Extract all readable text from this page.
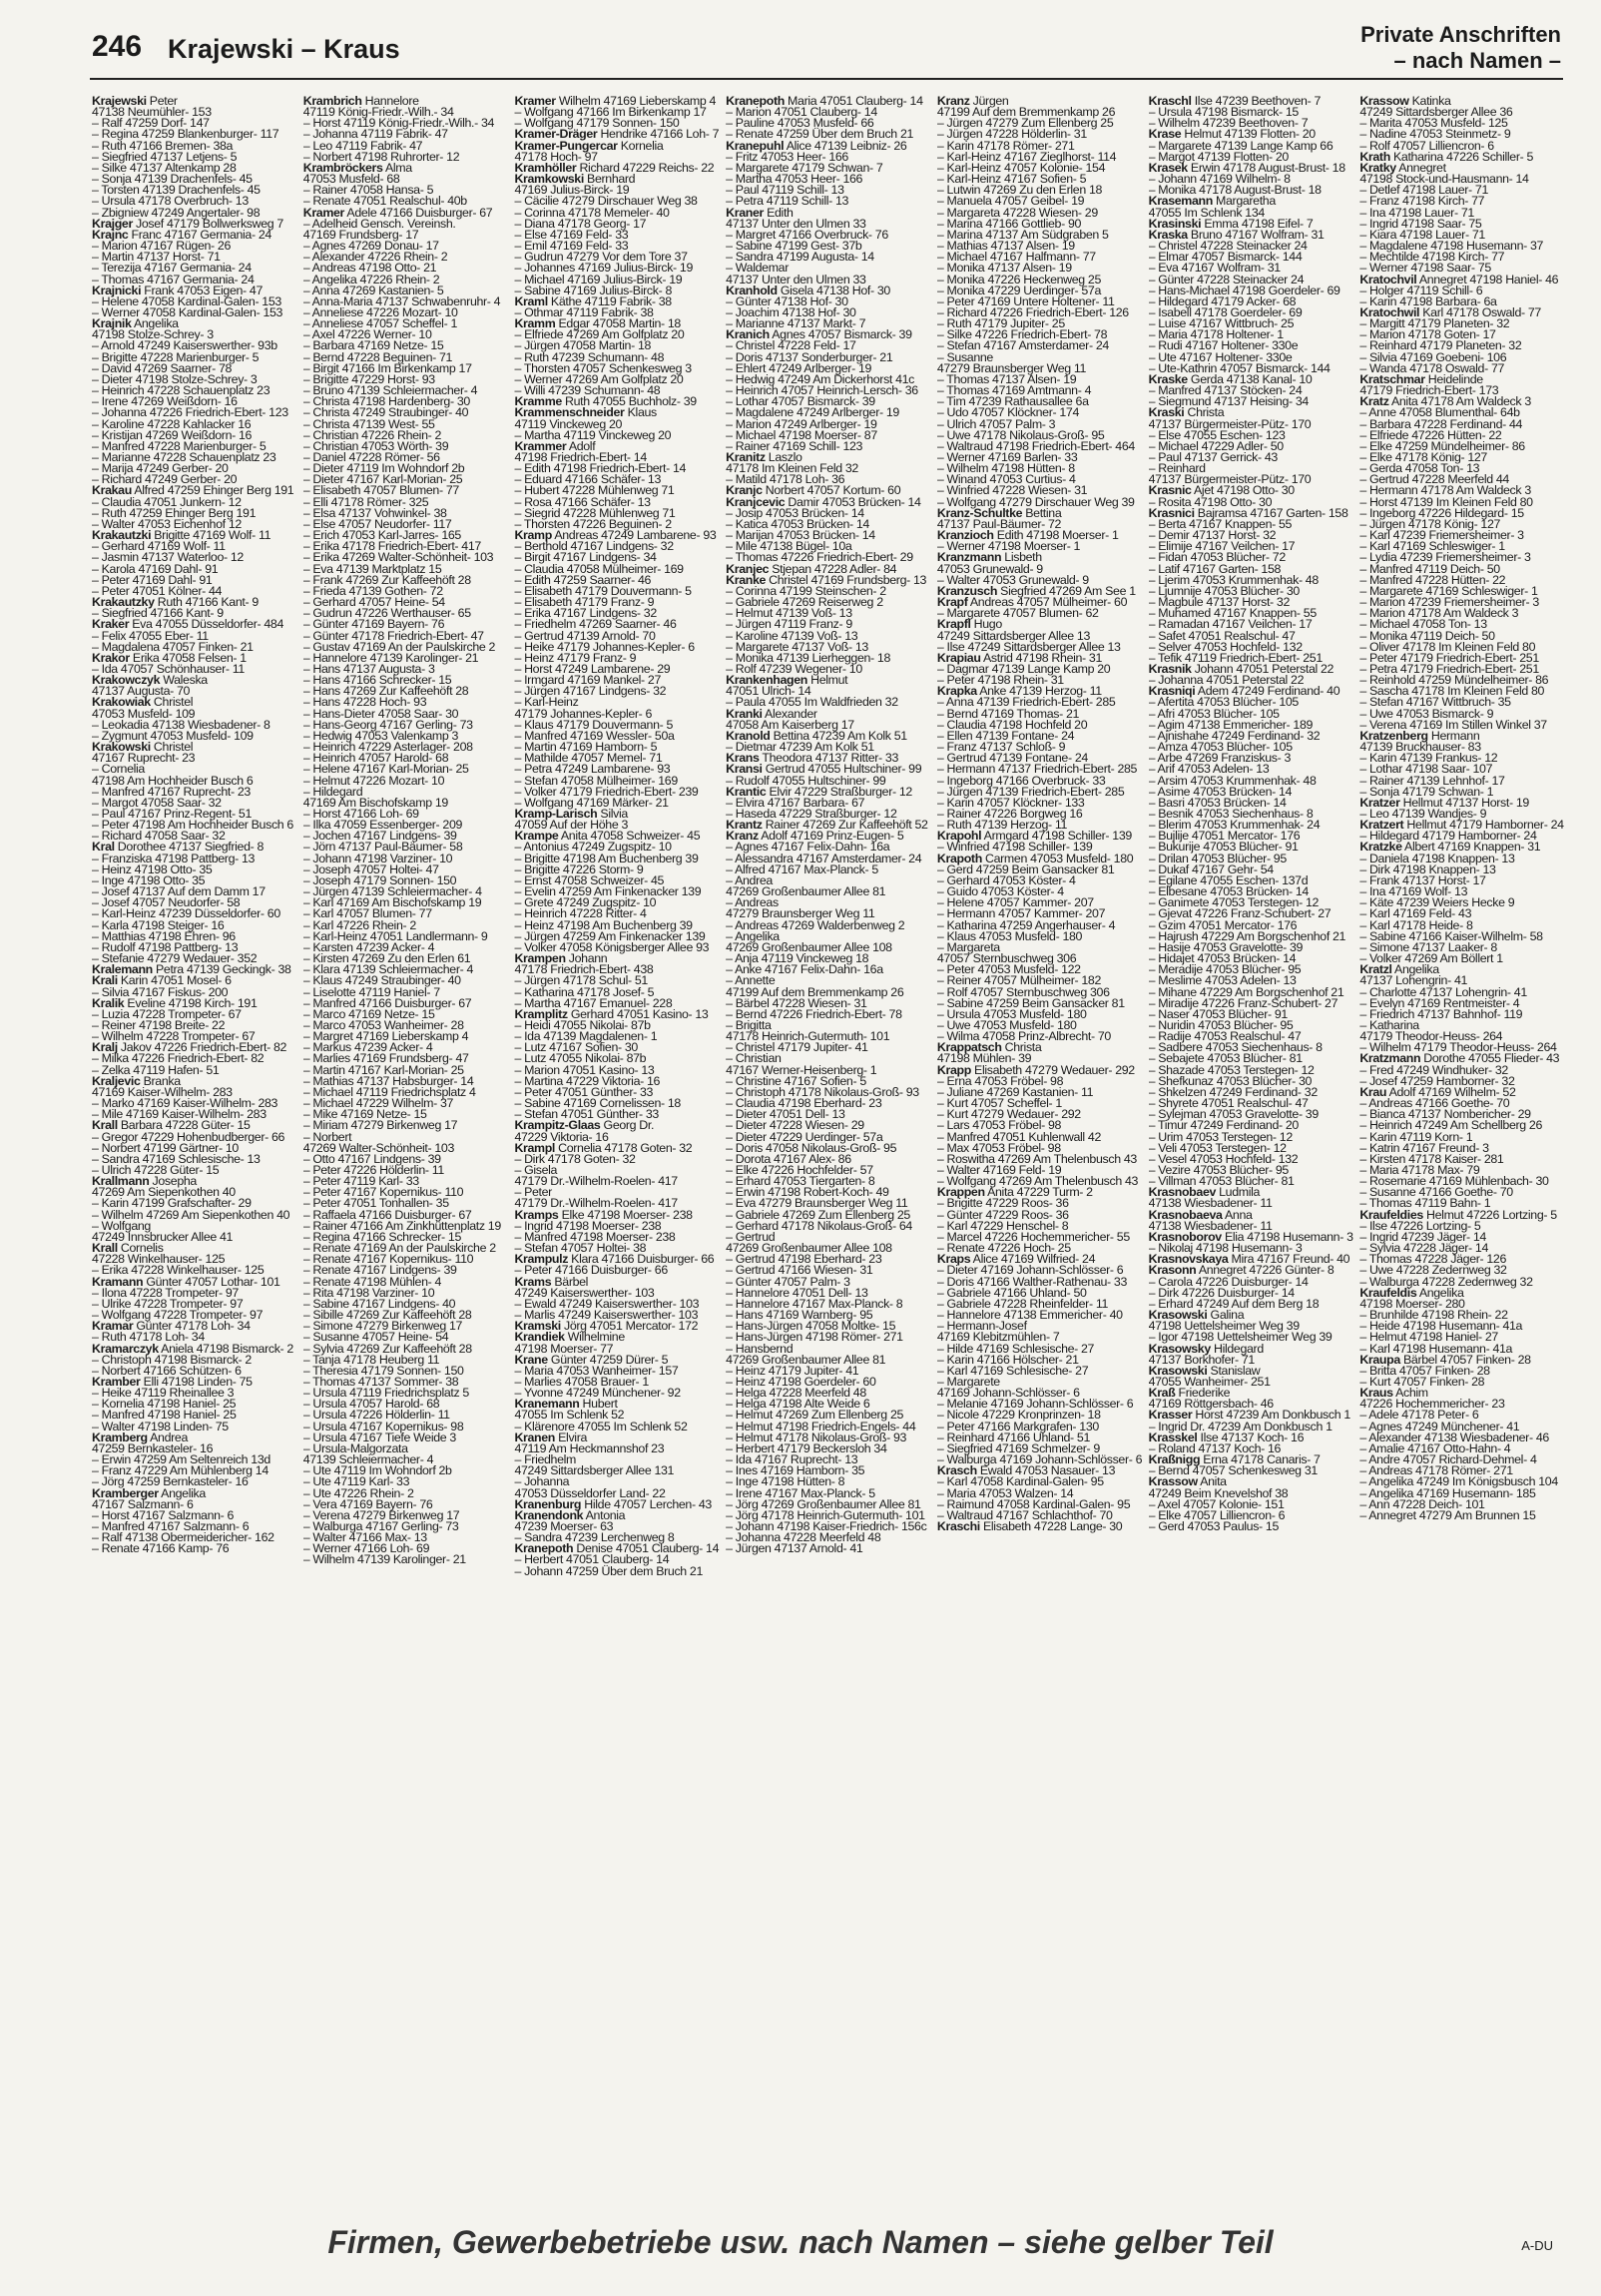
246 Krajewski – Kraus	Private Anschriften
– nach Namen –
Krajewski Peter
47138 Neumühler- 153
– Ralf 47259 Dorf- 147
– Regina 47259 Blankenburger- 117
– Ruth 47166 Bremen- 38a
– Siegfried 47137 Letjens- 5
– Silke 47137 Altenkamp 28
– Sonja 47139 Drachenfels- 45
– Torsten 47139 Drachenfels- 45
– Ursula 47178 Overbruch- 13
– Zbigniew 47249 Angertaler- 98
Krajger Josef 47179 Bollwerksweg 7
Krajnc Franc 47167 Germania- 24
– Marion 47167 Rügen- 26
– Martin 47137 Horst- 71
– Terezija 47167 Germania- 24
– Thomas 47167 Germania- 24
Krajnicki Frank 47053 Eigen- 47
– Helene 47058 Kardinal-Galen- 153
– Werner 47058 Kardinal-Galen- 153
Krajnik Angelika
47198 Stolze-Schrey- 3
– Arnold 47249 Kaiserswerther- 93b
– Brigitte 47228 Marienburger- 5
– David 47269 Saarner- 78
– Dieter 47198 Stolze-Schrey- 3
– Heinrich 47228 Schauenplatz 23
– Irene 47269 Weißdorn- 16
– Johanna 47226 Friedrich-Ebert- 123
– Karoline 47228 Kahlacker 16
– Kristijan 47269 Weißdorn- 16
– Manfred 47228 Marienburger- 5
– Marianne 47228 Schauenplatz 23
– Marija 47249 Gerber- 20
– Richard 47249 Gerber- 20
Krakau Alfred 47259 Ehinger Berg 191
– Claudia 47051 Junkern- 12
– Ruth 47259 Ehinger Berg 191
– Walter 47053 Eichenhof 12
Krakautzki Brigitte 47169 Wolf- 11
– Gerhard 47169 Wolf- 11
– Jasmin 47137 Waterloo- 12
– Karola 47169 Dahl- 91
– Peter 47169 Dahl- 91
– Peter 47051 Kölner- 44
Krakautzky Ruth 47166 Kant- 9
– Siegfried 47166 Kant- 9
Kraker Eva 47055 Düsseldorfer- 484
– Felix 47055 Eber- 11
– Magdalena 47057 Finken- 21
Krakor Erika 47058 Felsen- 1
– Ida 47057 Schönhauser- 11
Krakowczyk Waleska
47137 Augusta- 70
Krakowiak Christel
47053 Musfeld- 109
– Leokadia 47138 Wiesbadener- 8
– Zygmunt 47053 Musfeld- 109
Krakowski Christel
47167 Ruprecht- 23
– Cornelia
47198 Am Hochheider Busch 6
– Manfred 47167 Ruprecht- 23
– Margot 47058 Saar- 32
– Paul 47167 Prinz-Regent- 51
– Peter 47198 Am Hochheider Busch 6
– Richard 47058 Saar- 32
Kral Dorothee 47137 Siegfried- 8
– Franziska 47198 Pattberg- 13
– Heinz 47198 Otto- 35
– Inge 47198 Otto- 35
– Josef 47137 Auf dem Damm 17
– Josef 47057 Neudorfer- 58
– Karl-Heinz 47239 Düsseldorfer- 60
– Karla 47198 Steiger- 16
– Matthias 47198 Ehren- 96
– Rudolf 47198 Pattberg- 13
– Stefanie 47279 Wedauer- 352
Kralemann Petra 47139 Geckingk- 38
Krali Karin 47051 Mosel- 6
– Silvia 47167 Fiskus- 200
Kralik Eveline 47198 Kirch- 191
– Luzia 47228 Trompeter- 67
– Reiner 47198 Breite- 22
– Wilhelm 47228 Trompeter- 67
Kralj Jakov 47226 Friedrich-Ebert- 82
– Milka 47226 Friedrich-Ebert- 82
– Zelka 47119 Hafen- 51
Kraljevic Branka
47169 Kaiser-Wilhelm- 283
– Marko 47169 Kaiser-Wilhelm- 283
– Mile 47169 Kaiser-Wilhelm- 283
Krall Barbara 47228 Güter- 15
– Gregor 47229 Hohenbudberger- 66
– Norbert 47199 Gärtner- 10
– Sandra 47169 Schlesische- 13
– Ulrich 47228 Güter- 15
Krallmann Josepha
47269 Am Siepenkothen 40
– Karin 47199 Grafschafter- 29
– Wilhelm 47269 Am Siepenkothen 40
– Wolfgang
47249 Innsbrucker Allee 41
Krall Cornelis
47228 Winkelhauser- 125
– Erika 47228 Winkelhauser- 125
Kramann Günter 47057 Lothar- 101
– Ilona 47228 Trompeter- 97
– Ulrike 47228 Trompeter- 97
– Wolfgang 47228 Trompeter- 97
Kramar Günter 47178 Loh- 34
– Ruth 47178 Loh- 34
Kramarczyk Aniela 47198 Bismarck- 2
– Christoph 47198 Bismarck- 2
– Norbert 47166 Schützen- 6
Kramber Elli 47198 Linden- 75
– Heike 47119 Rheinallee 3
– Kornelia 47198 Haniel- 25
– Manfred 47198 Haniel- 25
– Walter 47198 Linden- 75
Kramberg Andrea
47259 Bernkasteler- 16
– Erwin 47259 Am Seltenreich 13d
– Franz 47229 Am Mühlenberg 14
– Jörg 47259 Bernkasteler- 16
Kramberger Angelika
47167 Salzmann- 6
– Horst 47167 Salzmann- 6
– Manfred 47167 Salzmann- 6
– Ralf 47138 Obermeidericher- 162
– Renate 47166 Kamp- 76
Krambrich Hannelore
47119 König-Friedr.-Wilh.- 34
– Horst 47119 König-Friedr.-Wilh.- 34
– Johanna 47119 Fabrik- 47
– Leo 47119 Fabrik- 47
– Norbert 47198 Ruhrorter- 12
Krambröckers Alma
47053 Musfeld- 68
– Rainer 47058 Hansa- 5
– Renate 47051 Realschul- 40b
Kramer Adele 47166 Duisburger- 67
– Adelheid Gensch. Vereinsh.
47169 Frundsberg- 17
– Agnes 47269 Donau- 17
– Alexander 47226 Rhein- 2
– Andreas 47198 Otto- 21
– Angelika 47226 Rhein- 2
– Anna 47269 Kastanien- 5
– Anna-Maria 47137 Schwabenruhr- 4
– Anneliese 47226 Mozart- 10
– Anneliese 47057 Scheffel- 1
– Axel 47226 Werner- 10
– Barbara 47169 Netze- 15
– Bernd 47228 Beguinen- 71
– Birgit 47166 Im Birkenkamp 17
– Brigitte 47229 Horst- 93
– Bruno 47139 Schleiermacher- 4
– Christa 47198 Hardenberg- 30
– Christa 47249 Straubinger- 40
– Christa 47139 West- 55
– Christian 47226 Rhein- 2
– Christian 47053 Wörth- 39
– Daniel 47228 Römer- 56
– Dieter 47119 Im Wohndorf 2b
– Dieter 47167 Karl-Morian- 25
– Elisabeth 47057 Blumen- 77
– Elli 47178 Römer- 325
– Elsa 47137 Vohwinkel- 38
– Else 47057 Neudorfer- 117
– Erich 47053 Karl-Jarres- 165
– Erika 47178 Friedrich-Ebert- 417
– Erika 47269 Walter-Schönheit- 103
– Eva 47139 Marktplatz 15
– Frank 47269 Zur Kaffeehöft 28
– Frieda 47139 Gothen- 72
– Gerhard 47057 Heine- 54
– Gudrun 47226 Werthauser- 65
– Günter 47169 Bayern- 76
– Günter 47178 Friedrich-Ebert- 47
– Gustav 47169 An der Paulskirche 2
– Hannelore 47139 Karolinger- 21
– Hans 47137 Augusta- 3
– Hans 47166 Schrecker- 15
– Hans 47269 Zur Kaffeehöft 28
– Hans 47228 Hoch- 93
– Hans-Dieter 47058 Saar- 30
– Hans-Georg 47167 Gerling- 73
– Hedwig 47053 Valenkamp 3
– Heinrich 47229 Asterlager- 208
– Heinrich 47057 Harold- 68
– Helene 47167 Karl-Morian- 25
– Helmut 47226 Mozart- 10
– Hildegard
47169 Am Bischofskamp 19
– Horst 47166 Loh- 69
– Ilka 47059 Essenberger- 209
– Jochen 47167 Lindgens- 39
– Jörn 47137 Paul-Bäumer- 58
– Johann 47198 Varziner- 10
– Joseph 47057 Holtei- 47
– Joseph 47179 Sonnen- 150
– Jürgen 47139 Schleiermacher- 4
– Karl 47169 Am Bischofskamp 19
– Karl 47057 Blumen- 77
– Karl 47226 Rhein- 2
– Karl-Heinz 47051 Landlermann- 9
– Karsten 47239 Acker- 4
– Kirsten 47269 Zu den Erlen 61
– Klara 47139 Schleiermacher- 4
– Klaus 47249 Straubinger- 40
– Liselotte 47119 Haniel- 7
– Manfred 47166 Duisburger- 67
– Marco 47169 Netze- 15
– Marco 47053 Wanheimer- 28
– Margret 47169 Lieberskamp 4
– Markus 47239 Acker- 4
– Marlies 47169 Frundsberg- 47
– Martin 47167 Karl-Morian- 25
– Mathias 47137 Habsburger- 14
– Michael 47119 Friedrichsplatz 4
– Michael 47229 Wilhelm- 37
– Mike 47169 Netze- 15
– Miriam 47279 Birkenweg 17
– Norbert
47269 Walter-Schönheit- 103
– Otto 47167 Lindgens- 39
– Peter 47226 Hölderlin- 11
– Peter 47119 Karl- 33
– Peter 47167 Kopernikus- 110
– Peter 47051 Tonhallen- 35
– Raffaela 47166 Duisburger- 67
– Rainer 47166 Am Zinkhüttenplatz 19
– Regina 47166 Schrecker- 15
– Renate 47169 An der Paulskirche 2
– Renate 47167 Kopernikus- 110
– Renate 47167 Lindgens- 39
– Renate 47198 Mühlen- 4
– Rita 47198 Varziner- 10
– Sabine 47167 Lindgens- 40
– Sibille 47269 Zur Kaffeehöft 28
– Simone 47279 Birkenweg 17
– Susanne 47057 Heine- 54
– Sylvia 47269 Zur Kaffeehöft 28
– Tanja 47178 Heuberg 11
– Theresia 47179 Sonnen- 150
– Thomas 47137 Sommer- 38
– Ursula 47119 Friedrichsplatz 5
– Ursula 47057 Harold- 68
– Ursula 47226 Hölderlin- 11
– Ursula 47167 Kopernikus- 98
– Ursula 47167 Tiefe Weide 3
– Ursula-Malgorzata
47139 Schleiermacher- 4
– Ute 47119 Im Wohndorf 2b
– Ute 47119 Karl- 33
– Ute 47226 Rhein- 2
– Vera 47169 Bayern- 76
– Verena 47279 Birkenweg 17
– Walburga 47167 Gerling- 73
– Walter 47166 Max- 13
– Werner 47166 Loh- 69
– Wilhelm 47139 Karolinger- 21
Kramer Wilhelm 47169 Lieberskamp 4
– Wolfgang 47166 Im Birkenkamp 17
– Wolfgang 47179 Sonnen- 150
Kramer-Dräger Hendrike 47166 Loh- 7
Kramer-Pungercar Kornelia
47178 Hoch- 97
Kramhöller Richard 47229 Reichs- 22
Kramkowski Bernhard
47169 Julius-Birck- 19
– Cäcilie 47279 Dirschauer Weg 38
– Corinna 47178 Memeler- 40
– Diana 47178 Georg- 17
– Else 47169 Feld- 33
– Emil 47169 Feld- 33
– Gudrun 47279 Vor dem Tore 37
– Johannes 47169 Julius-Birck- 19
– Michael 47169 Julius-Birck- 19
– Sabine 47169 Julius-Birck- 8
Kraml Käthe 47119 Fabrik- 38
– Othmar 47119 Fabrik- 38
Kramm Edgar 47058 Martin- 18
– Elfriede 47269 Am Golfplatz 20
– Jürgen 47058 Martin- 18
– Ruth 47239 Schumann- 48
– Thorsten 47057 Schenkesweg 3
– Werner 47269 Am Golfplatz 20
– Willi 47239 Schumann- 48
Kramme Ruth 47055 Buchholz- 39
Krammenschneider Klaus
47119 Vinckeweg 20
– Martha 47119 Vinckeweg 20
Krammer Adolf
47198 Friedrich-Ebert- 14
– Edith 47198 Friedrich-Ebert- 14
– Eduard 47166 Schäfer- 13
– Hubert 47228 Mühlenweg 71
– Rosa 47166 Schäfer- 13
– Siegrid 47228 Mühlenweg 71
– Thorsten 47226 Beguinen- 2
Kramp Andreas 47249 Lambarene- 93
– Berthold 47167 Lindgens- 32
– Birgit 47167 Lindgens- 34
– Claudia 47058 Mülheimer- 169
– Edith 47259 Saarner- 46
– Elisabeth 47179 Douvermann- 5
– Elisabeth 47179 Franz- 9
– Erika 47167 Lindgens- 32
– Friedhelm 47269 Saarner- 46
– Gertrud 47139 Arnold- 70
– Heike 47179 Johannes-Kepler- 6
– Heinz 47179 Franz- 9
– Horst 47249 Lambarene- 29
– Irmgard 47169 Mankel- 27
– Jürgen 47167 Lindgens- 32
– Karl-Heinz
47179 Johannes-Kepler- 6
– Klaus 47179 Douvermann- 5
– Manfred 47169 Wessler- 50a
– Martin 47169 Hamborn- 5
– Mathilde 47057 Memel- 71
– Petra 47249 Lambarene- 93
– Stefan 47058 Mülheimer- 169
– Volker 47179 Friedrich-Ebert- 239
– Wolfgang 47169 Märker- 21
Kramp-Larisch Silvia
47059 Auf der Höhe 3
Krampe Anita 47058 Schweizer- 45
– Antonius 47249 Zugspitz- 10
– Brigitte 47198 Am Buchenberg 39
– Brigitte 47226 Storm- 9
– Ernst 47058 Schweizer- 45
– Evelin 47259 Am Finkenacker 139
– Grete 47249 Zugspitz- 10
– Heinrich 47228 Ritter- 4
– Heinz 47198 Am Buchenberg 39
– Jürgen 47259 Am Finkenacker 139
– Volker 47058 Königsberger Allee 93
Krampen Johann
47178 Friedrich-Ebert- 438
– Jürgen 47178 Schul- 51
– Katharina 47178 Josef- 5
– Martha 47167 Emanuel- 228
Kramplitz Gerhard 47051 Kasino- 13
– Heidi 47055 Nikolai- 87b
– Ida 47139 Magdalenen- 1
– Lutz 47167 Sofien- 30
– Lutz 47055 Nikolai- 87b
– Marion 47051 Kasino- 13
– Martina 47229 Viktoria- 16
– Peter 47051 Günther- 33
– Sabine 47169 Cornelissen- 18
– Stefan 47051 Günther- 33
Krampitz-Glaas Georg Dr.
47229 Viktoria- 16
Krampl Cornelia 47178 Goten- 32
– Dirk 47178 Goten- 32
– Gisela
47179 Dr.-Wilhelm-Roelen- 417
– Peter
47179 Dr.-Wilhelm-Roelen- 417
Kramps Elke 47198 Moerser- 238
– Ingrid 47198 Moerser- 238
– Manfred 47198 Moerser- 238
– Stefan 47057 Holtei- 38
Krampulz Klara 47166 Duisburger- 66
– Peter 47166 Duisburger- 66
Krams Bärbel
47249 Kaiserswerther- 103
– Ewald 47249 Kaiserswerther- 103
– Marlis 47249 Kaiserswerther- 103
Kramski Jörg 47051 Mercator- 172
Krandiek Wilhelmine
47198 Moerser- 77
Krane Günter 47259 Dürer- 5
– Maria 47053 Wanheimer- 157
– Marlies 47058 Brauer- 1
– Yvonne 47249 Münchener- 92
Kranemann Hubert
47055 Im Schlenk 52
– Klärenore 47055 Im Schlenk 52
Kranen Elvira
47119 Am Heckmannshof 23
– Friedhelm
47249 Sittardsberger Allee 131
– Johanna
47053 Düsseldorfer Land- 22
Kranenburg Hilde 47057 Lerchen- 43
Kranendonk Antonia
47239 Moerser- 63
– Sandra 47239 Lerchenweg 8
Kranepoth Denise 47051 Clauberg- 14
– Herbert 47051 Clauberg- 14
– Johann 47259 Über dem Bruch 21
Kranepoth Maria 47051 Clauberg- 14
– Marion 47051 Clauberg- 14
– Pauline 47053 Musfeld- 66
– Renate 47259 Über dem Bruch 21
Kranepuhl Alice 47139 Leibniz- 26
– Fritz 47053 Heer- 166
– Margarete 47179 Schwan- 7
– Martha 47053 Heer- 166
– Paul 47119 Schill- 13
– Petra 47119 Schill- 13
Kraner Edith
47137 Unter den Ulmen 33
– Margret 47166 Overbruck- 76
– Sabine 47199 Gest- 37b
– Sandra 47199 Augusta- 14
– Waldemar
47137 Unter den Ulmen 33
Kranhold Gisela 47138 Hof- 30
– Günter 47138 Hof- 30
– Joachim 47138 Hof- 30
– Marianne 47137 Markt- 7
Kranich Agnes 47057 Bismarck- 39
– Christel 47228 Feld- 17
– Doris 47137 Sonderburger- 21
– Ehlert 47249 Arlberger- 19
– Hedwig 47249 Am Dickerhorst 41c
– Heinrich 47057 Heinrich-Lersch- 36
– Lothar 47057 Bismarck- 39
– Magdalene 47249 Arlberger- 19
– Marion 47249 Arlberger- 19
– Michael 47198 Moerser- 87
– Rainer 47169 Schill- 123
Kranitz Laszlo
47178 Im Kleinen Feld 32
– Matild 47178 Loh- 36
Kranjc Norbert 47057 Kortum- 60
Kranjcevic Damir 47053 Brücken- 14
– Josip 47053 Brücken- 14
– Katica 47053 Brücken- 14
– Marijan 47053 Brücken- 14
– Mile 47138 Bügel- 10a
– Thomas 47226 Friedrich-Ebert- 29
Kranjec Stjepan 47228 Adler- 84
Kranke Christel 47169 Frundsberg- 13
– Corinna 47199 Steinschen- 2
– Gabriele 47269 Reiserweg 2
– Helmut 47139 Voß- 13
– Jürgen 47119 Franz- 9
– Karoline 47139 Voß- 13
– Margarete 47137 Voß- 13
– Monika 47139 Lierheggen- 18
– Rolf 47239 Wegener- 10
Krankenhagen Helmut
47051 Ulrich- 14
– Paula 47055 Im Waldfrieden 32
Kranki Alexander
47058 Am Kaiserberg 17
Kranold Bettina 47239 Am Kolk 51
– Dietmar 47239 Am Kolk 51
Krans Theodora 47137 Ritter- 33
Kransi Gertrud 47055 Hultschiner- 99
– Rudolf 47055 Hultschiner- 99
Krantic Elvir 47229 Straßburger- 12
– Elvira 47167 Barbara- 67
– Haseda 47229 Straßburger- 12
Krantz Rainer 47269 Zur Kaffeehöft 52
Kranz Adolf 47169 Prinz-Eugen- 5
– Agnes 47167 Felix-Dahn- 16a
– Alessandra 47167 Amsterdamer- 24
– Alfred 47167 Max-Planck- 5
– Andrea
47269 Großenbaumer Allee 81
– Andreas
47279 Braunsberger Weg 11
– Andreas 47269 Walderbenweg 2
– Angelika
47269 Großenbaumer Allee 108
– Anja 47119 Vinckeweg 18
– Anke 47167 Felix-Dahn- 16a
– Annette
47199 Auf dem Bremmenkamp 26
– Bärbel 47228 Wiesen- 31
– Bernd 47226 Friedrich-Ebert- 78
– Brigitta
47178 Heinrich-Gutermuth- 101
– Christel 47179 Jupiter- 41
– Christian
47167 Werner-Heisenberg- 1
– Christine 47167 Sofien- 5
– Christoph 47178 Nikolaus-Groß- 93
– Claudia 47198 Eberhard- 23
– Dieter 47051 Dell- 13
– Dieter 47228 Wiesen- 29
– Dieter 47229 Uerdinger- 57a
– Doris 47058 Nikolaus-Groß- 95
– Dorota 47167 Alex- 86
– Elke 47226 Hochfelder- 57
– Erhard 47053 Tiergarten- 8
– Erwin 47198 Robert-Koch- 49
– Eva 47279 Braunsberger Weg 11
– Gabriele 47269 Zum Ellenberg 25
– Gerhard 47178 Nikolaus-Groß- 64
– Gertrud
47269 Großenbaumer Allee 108
– Gertrud 47198 Eberhard- 23
– Gertrud 47166 Wiesen- 31
– Günter 47057 Palm- 3
– Hannelore 47051 Dell- 13
– Hannelore 47167 Max-Planck- 8
– Hans 47169 Warnberg- 95
– Hans-Jürgen 47058 Moltke- 15
– Hans-Jürgen 47198 Römer- 271
– Hansbernd
47269 Großenbaumer Allee 81
– Heinz 47179 Jupiter- 41
– Heinz 47198 Goerdeler- 60
– Helga 47228 Meerfeld 48
– Helga 47198 Alte Weide 6
– Helmut 47269 Zum Ellenberg 25
– Helmut 47198 Friedrich-Engels- 44
– Helmut 47178 Nikolaus-Groß- 93
– Herbert 47179 Beckersloh 34
– Ida 47167 Ruprecht- 13
– Ines 47169 Hamborn- 35
– Inge 47198 Hütten- 8
– Irene 47167 Max-Planck- 5
– Jörg 47269 Großenbaumer Allee 81
– Jörg 47178 Heinrich-Gutermuth- 101
– Johann 47198 Kaiser-Friedrich- 156c
– Johanna 47228 Meerfeld 48
– Jürgen 47137 Arnold- 41
Kranz Jürgen
47199 Auf dem Bremmenkamp 26
– Jürgen 47279 Zum Ellenberg 25
– Jürgen 47228 Hölderlin- 31
– Karin 47178 Römer- 271
– Karl-Heinz 47167 Zieglhorst- 114
– Karl-Heinz 47057 Kolonie- 154
– Karl-Heinz 47167 Sofien- 5
– Lutwin 47269 Zu den Erlen 18
– Manuela 47057 Geibel- 19
– Margareta 47228 Wiesen- 29
– Marina 47166 Gottlieb- 90
– Marina 47137 Am Südgraben 5
– Mathias 47137 Alsen- 19
– Michael 47167 Halfmann- 77
– Monika 47137 Alsen- 19
– Monika 47226 Heckenweg 25
– Monika 47229 Uerdinger- 57a
– Peter 47169 Untere Holtener- 11
– Richard 47226 Friedrich-Ebert- 126
– Ruth 47179 Jupiter- 25
– Silke 47226 Friedrich-Ebert- 78
– Stefan 47167 Amsterdamer- 24
– Susanne
47279 Braunsberger Weg 11
– Thomas 47137 Alsen- 19
– Thomas 47169 Amtmann- 4
– Tim 47239 Rathausallee 6a
– Udo 47057 Klöckner- 174
– Ulrich 47057 Palm- 3
– Uwe 47178 Nikolaus-Groß- 95
– Waltraud 47198 Friedrich-Ebert- 464
– Werner 47169 Barlen- 33
– Wilhelm 47198 Hütten- 8
– Winand 47053 Curtius- 4
– Winfried 47228 Wiesen- 31
– Wolfgang 47279 Dirschauer Weg 39
Kranz-Schultke Bettina
47137 Paul-Bäumer- 72
Kranzioch Edith 47198 Moerser- 1
– Werner 47198 Moerser- 1
Kranzmann Lisbeth
47053 Grunewald- 9
– Walter 47053 Grunewald- 9
Kranzusch Siegfried 47269 Am See 1
Krapf Andreas 47057 Mülheimer- 60
– Margarete 47057 Blumen- 62
Krapfl Hugo
47249 Sittardsberger Allee 13
– Ilse 47249 Sittardsberger Allee 13
Krapiau Astrid 47198 Rhein- 31
– Dagmar 47139 Lange Kamp 20
– Peter 47198 Rhein- 31
Krapka Anke 47139 Herzog- 11
– Anna 47139 Friedrich-Ebert- 285
– Bernd 47169 Thomas- 21
– Claudia 47198 Hochfeld 20
– Ellen 47139 Fontane- 24
– Franz 47137 Schloß- 9
– Gertrud 47139 Fontane- 24
– Hermann 47137 Friedrich-Ebert- 285
– Ingeborg 47166 Overbruck- 33
– Jürgen 47139 Friedrich-Ebert- 285
– Karin 47057 Klöckner- 133
– Rainer 47226 Borgweg 16
– Ruth 47139 Herzog- 11
Krapohl Armgard 47198 Schiller- 139
– Winfried 47198 Schiller- 139
Krapoth Carmen 47053 Musfeld- 180
– Gerd 47259 Beim Gansacker 81
– Gerhard 47053 Köster- 4
– Guido 47053 Köster- 4
– Helene 47057 Kammer- 207
– Hermann 47057 Kammer- 207
– Katharina 47259 Angerhauser- 4
– Klaus 47053 Musfeld- 180
– Margareta
47057 Sternbuschweg 306
– Peter 47053 Musfeld- 122
– Reiner 47057 Mülheimer- 182
– Rolf 47057 Sternbuschweg 306
– Sabine 47259 Beim Gansacker 81
– Ursula 47053 Musfeld- 180
– Uwe 47053 Musfeld- 180
– Wilma 47058 Prinz-Albrecht- 70
Krappatsch Christa
47198 Mühlen- 39
Krapp Elisabeth 47279 Wedauer- 292
– Erna 47053 Fröbel- 98
– Juliane 47269 Kastanien- 11
– Kurt 47057 Scheffel- 1
– Kurt 47279 Wedauer- 292
– Lars 47053 Fröbel- 98
– Manfred 47051 Kuhlenwall 42
– Max 47053 Fröbel- 98
– Roswitha 47269 Am Thelenbusch 43
– Walter 47169 Feld- 19
– Wolfgang 47269 Am Thelenbusch 43
Krappen Anita 47229 Turm- 2
– Brigitte 47229 Roos- 36
– Günter 47229 Roos- 36
– Karl 47229 Henschel- 8
– Marcel 47226 Hochemmericher- 55
– Renate 47226 Hoch- 25
Kraps Alice 47169 Wilfried- 24
– Dieter 47169 Johann-Schlösser- 6
– Doris 47166 Walther-Rathenau- 33
– Gabriele 47166 Uhland- 50
– Gabriele 47228 Rheinfelder- 11
– Hannelore 47138 Emmericher- 40
– Hermann-Josef
47169 Klebitzmühlen- 7
– Hilde 47169 Schlesische- 27
– Karin 47166 Hölscher- 21
– Karl 47169 Schlesische- 27
– Margarete
47169 Johann-Schlösser- 6
– Melanie 47169 Johann-Schlösser- 6
– Nicole 47229 Kronprinzen- 18
– Peter 47166 Markgrafen- 130
– Reinhard 47166 Uhland- 51
– Siegfried 47169 Schmelzer- 9
– Walburga 47169 Johann-Schlösser- 6
Krasch Ewald 47053 Nasauer- 13
– Karl 47058 Kardinal-Galen- 95
– Maria 47053 Walzen- 14
– Raimund 47058 Kardinal-Galen- 95
– Waltraud 47167 Schlachthof- 70
Kraschi Elisabeth 47228 Lange- 30
Kraschl Ilse 47239 Beethoven- 7
– Ursula 47198 Bismarck- 15
– Wilhelm 47239 Beethoven- 7
Krase Helmut 47139 Flotten- 20
– Margarete 47139 Lange Kamp 66
– Margot 47139 Flotten- 20
Krasek Erwin 47178 August-Brust- 18
– Johann 47169 Wilhelm- 8
– Monika 47178 August-Brust- 18
Krasemann Margaretha
47055 Im Schlenk 134
Krasinski Emma 47198 Eifel- 7
Kraska Bruno 47167 Wolfram- 31
– Christel 47228 Steinacker 24
– Elmar 47057 Bismarck- 144
– Eva 47167 Wolfram- 31
– Günter 47228 Steinacker 24
– Hans-Michael 47198 Goerdeler- 69
– Hildegard 47179 Acker- 68
– Isabell 47178 Goerdeler- 69
– Luise 47167 Wittbruch- 25
– Maria 47178 Holtener- 1
– Rudi 47167 Holtener- 330e
– Ute 47167 Holtener- 330e
– Ute-Kathrin 47057 Bismarck- 144
Kraske Gerda 47138 Kanal- 10
– Manfred 47137 Stöcken- 24
– Siegmund 47137 Heising- 34
Kraski Christa
47137 Bürgermeister-Pütz- 170
– Else 47055 Eschen- 123
– Michael 47229 Adler- 50
– Paul 47137 Gerrick- 43
– Reinhard
47137 Bürgermeister-Pütz- 170
Krasnic Ajet 47198 Otto- 30
– Rosita 47198 Otto- 30
Krasnici Bajramsa 47167 Garten- 158
– Berta 47167 Knappen- 55
– Demir 47137 Horst- 32
– Elimije 47167 Veilchen- 17
– Fidan 47053 Blücher- 72
– Latif 47167 Garten- 158
– Ljerim 47053 Krummenhak- 48
– Ljumnije 47053 Blücher- 30
– Magbule 47137 Horst- 32
– Muhamed 47167 Knappen- 55
– Ramadan 47167 Veilchen- 17
– Safet 47051 Realschul- 47
– Selver 47053 Hochfeld- 132
– Tefik 47119 Friedrich-Ebert- 251
Krasnik Johann 47051 Peterstal 22
– Johanna 47051 Peterstal 22
Krasniqi Adem 47249 Ferdinand- 40
– Afertita 47053 Blücher- 105
– Afri 47053 Blücher- 105
– Agim 47138 Emmericher- 189
– Ajnishahe 47249 Ferdinand- 32
– Amza 47053 Blücher- 105
– Arbe 47269 Franziskus- 3
– Arif 47053 Adelen- 13
– Arsim 47053 Krummenhak- 48
– Asime 47053 Brücken- 14
– Basri 47053 Brücken- 14
– Besnik 47053 Siechenhaus- 8
– Blerim 47053 Krummenhak- 24
– Bujlije 47051 Mercator- 176
– Bukurije 47053 Blücher- 91
– Drilan 47053 Blücher- 95
– Dukaf 47167 Gehr- 54
– Egilane 47055 Eschen- 137d
– Elbesane 47053 Brücken- 14
– Ganimete 47053 Terstegen- 12
– Gjevat 47226 Franz-Schubert- 27
– Gzim 47051 Mercator- 176
– Hajrush 47229 Am Borgschenhof 21
– Hasije 47053 Gravelotte- 39
– Hidajet 47053 Brücken- 14
– Meradije 47053 Blücher- 95
– Meslime 47053 Adelen- 13
– Mihane 47229 Am Borgschenhof 21
– Miradije 47226 Franz-Schubert- 27
– Naser 47053 Blücher- 91
– Nuridin 47053 Blücher- 95
– Radije 47053 Realschul- 47
– Sadbere 47053 Siechenhaus- 8
– Sebajete 47053 Blücher- 81
– Shazade 47053 Terstegen- 12
– Shefkunaz 47053 Blücher- 30
– Shkelzen 47249 Ferdinand- 32
– Shyrete 47051 Realschul- 47
– Sylejman 47053 Gravelotte- 39
– Timur 47249 Ferdinand- 20
– Urim 47053 Terstegen- 12
– Veli 47053 Terstegen- 12
– Vesel 47053 Hochfeld- 132
– Vezire 47053 Blücher- 95
– Villman 47053 Blücher- 81
Krasnobaev Ludmila
47138 Wiesbadener- 11
Krasnobaeva Anna
47138 Wiesbadener- 11
Krasnoborov Elia 47198 Husemann- 3
– Nikolaj 47198 Husemann- 3
Krasnovskaya Mira 47167 Freund- 40
Krasonn Annegret 47226 Günter- 8
– Carola 47226 Duisburger- 14
– Dirk 47226 Duisburger- 14
– Erhard 47249 Auf dem Berg 18
Krasowski Galina
47198 Uettelsheimer Weg 39
– Igor 47198 Uettelsheimer Weg 39
Krasowsky Hildegard
47137 Borkhofer- 71
Krasowski Stanislaw
47055 Wanheimer- 251
Kraß Friederike
47169 Röttgersbach- 46
Krasser Horst 47239 Am Donkbusch 1
– Ingrid Dr. 47239 Am Donkbusch 1
Krasskel Ilse 47137 Koch- 16
– Roland 47137 Koch- 16
Kraßnigg Erna 47178 Canaris- 7
– Bernd 47057 Schenkesweg 31
Krassow Anita
47249 Beim Knevelshof 38
– Axel 47057 Kolonie- 151
– Elke 47057 Lilliencron- 6
– Gerd 47053 Paulus- 15
Krassow Katinka
47249 Sittardsberger Allee 36
– Marita 47053 Musfeld- 125
– Nadine 47053 Steinmetz- 9
– Rolf 47057 Lilliencron- 6
Krath Katharina 47226 Schiller- 5
Kratky Annegret
47198 Stock-und-Hausmann- 14
– Detlef 47198 Lauer- 71
– Franz 47198 Kirch- 77
– Ina 47198 Lauer- 71
– Ingrid 47198 Saar- 75
– Kiara 47198 Lauer- 71
– Magdalene 47198 Husemann- 37
– Mechtilde 47198 Kirch- 77
– Werner 47198 Saar- 75
Kratochvil Annegret 47198 Haniel- 46
– Holger 47119 Schill- 6
– Karin 47198 Barbara- 6a
Kratochwil Karl 47178 Oswald- 77
– Margitt 47179 Planeten- 32
– Marion 47178 Goten- 17
– Reinhard 47179 Planeten- 32
– Silvia 47169 Goebeni- 106
– Wanda 47178 Oswald- 77
Kratschmar Heidelinde
47179 Friedrich-Ebert- 173
Kratz Anita 47178 Am Waldeck 3
– Anne 47058 Blumenthal- 64b
– Barbara 47228 Ferdinand- 44
– Elfriede 47226 Hütten- 22
– Elke 47259 Mündelheimer- 86
– Elke 47178 König- 127
– Gerda 47058 Ton- 13
– Gertrud 47228 Meerfeld 44
– Hermann 47178 Am Waldeck 3
– Horst 47139 Im Kleinen Feld 80
– Ingeborg 47226 Hildegard- 15
– Jürgen 47178 König- 127
– Karl 47239 Friemersheimer- 3
– Karl 47169 Schleswiger- 1
– Lydia 47239 Friemersheimer- 3
– Manfred 47119 Deich- 50
– Manfred 47228 Hütten- 22
– Margarete 47169 Schleswiger- 1
– Marion 47239 Friemersheimer- 3
– Marion 47178 Am Waldeck 3
– Michael 47058 Ton- 13
– Monika 47119 Deich- 50
– Oliver 47178 Im Kleinen Feld 80
– Peter 47179 Friedrich-Ebert- 251
– Petra 47179 Friedrich-Ebert- 251
– Reinhold 47259 Mündelheimer- 86
– Sascha 47178 Im Kleinen Feld 80
– Stefan 47167 Wittbruch- 35
– Uwe 47053 Bismarck- 9
– Verena 47169 Im Stillen Winkel 37
Kratzenberg Hermann
47139 Bruckhauser- 83
– Karin 47139 Frankus- 12
– Lothar 47198 Saar- 107
– Rainer 47139 Lehnhof- 17
– Sonja 47179 Schwan- 1
Kratzer Hellmut 47137 Horst- 19
– Leo 47139 Wandjes- 9
Kratzert Hellmut 47179 Hamborner- 24
– Hildegard 47179 Hamborner- 24
Kratzke Albert 47169 Knappen- 31
– Daniela 47198 Knappen- 13
– Dirk 47198 Knappen- 13
– Frank 47137 Horst- 17
– Ina 47169 Wolf- 13
– Käte 47239 Weiers Hecke 9
– Karl 47169 Feld- 43
– Karl 47178 Heide- 8
– Sabine 47166 Kaiser-Wilhelm- 58
– Simone 47137 Laaker- 8
– Volker 47269 Am Böllert 1
Kratzl Angelika
47137 Lohengrin- 41
– Charlotte 47137 Lohengrin- 41
– Evelyn 47169 Rentmeister- 4
– Friedrich 47137 Bahnhof- 119
– Katharina
47179 Theodor-Heuss- 264
– Wilhelm 47179 Theodor-Heuss- 264
Kratzmann Dorothe 47055 Flieder- 43
– Fred 47249 Windhuker- 32
– Josef 47259 Hamborner- 32
Krau Adolf 47169 Wilhelm- 52
– Andreas 47166 Goethe- 70
– Bianca 47137 Nombericher- 29
– Heinrich 47249 Am Schellberg 26
– Karin 47119 Korn- 1
– Katrin 47167 Freund- 3
– Kirsten 47178 Kaiser- 281
– Maria 47178 Max- 79
– Rosemarie 47169 Mühlenbach- 30
– Susanne 47166 Goethe- 70
– Thomas 47119 Bahn- 1
Kraufeldies Helmut 47226 Lortzing- 5
– Ilse 47226 Lortzing- 5
– Ingrid 47239 Jäger- 14
– Sylvia 47228 Jäger- 14
– Thomas 47228 Jäger- 126
– Uwe 47228 Zedernweg 32
– Walburga 47228 Zedernweg 32
Kraufeldis Angelika
47198 Moerser- 280
– Brunhilde 47198 Rhein- 22
– Heide 47198 Husemann- 41a
– Helmut 47198 Haniel- 27
– Karl 47198 Husemann- 41a
Kraupa Bärbel 47057 Finken- 28
– Britta 47057 Finken- 28
– Kurt 47057 Finken- 28
Kraus Achim
47226 Hochemmericher- 23
– Adele 47178 Peter- 6
– Agnes 47249 Münchener- 41
– Alexander 47138 Wiesbadener- 46
– Amalie 47167 Otto-Hahn- 4
– Andre 47057 Richard-Dehmel- 4
– Andreas 47178 Römer- 271
– Angelika 47249 Im Königsbusch 104
– Angelika 47169 Husemann- 185
– Ann 47228 Deich- 101
– Annegret 47279 Am Brunnen 15
Firmen, Gewerbebetriebe usw. nach Namen – siehe gelber Teil	A-DU
